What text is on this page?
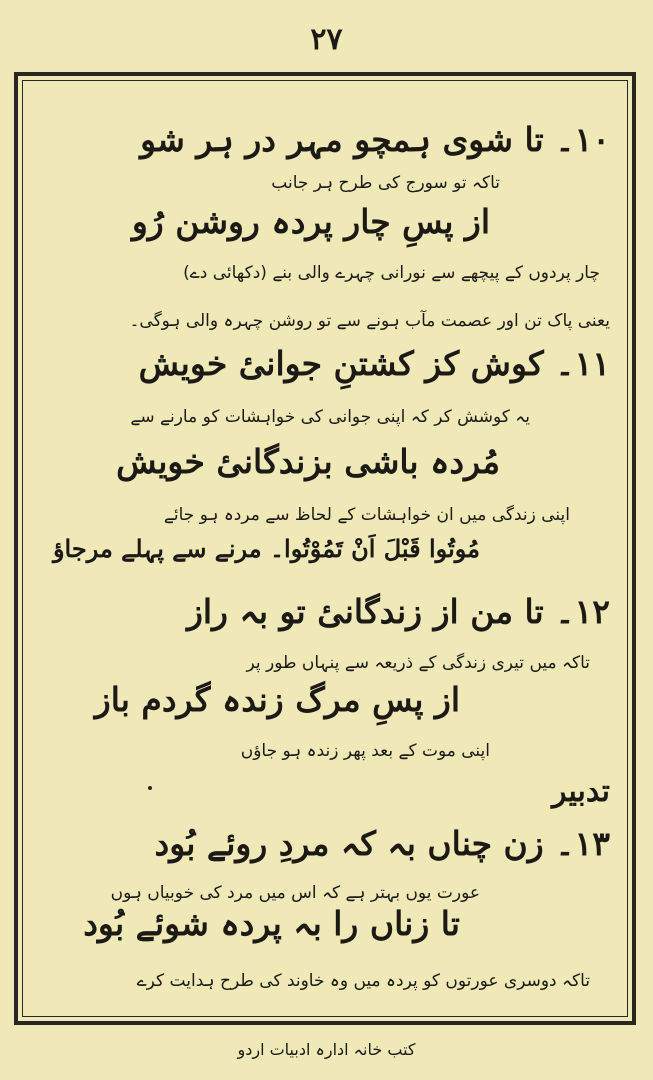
۲۷
۱۰۔ تا شوی ہمچو مہر در ہر شو
تاکہ تو سورج کی طرح ہر جانب
از پسِ چار پردہ روشن رُو
چار پردوں کے پیچھے سے نورانی چہرے والی بنے (دکھائی دے)
یعنی پاک تن اور عصمت مآب ہونے سے تو روشن چہرہ والی ہوگی۔
۱۱۔ کوش کز کشتنِ جوانیٔ خویش
یہ کوشش کر کہ اپنی جوانی کی خواہشات کو مارنے سے
مُردہ باشی بزندگانیٔ خویش
اپنی زندگی میں ان خواہشات کے لحاظ سے مردہ ہو جائے
مُوتُوا قَبْلَ اَنْ تَمُوْتُوا۔ مرنے سے پہلے مرجاؤ
۱۲۔ تا من از زندگانیٔ تو بہ راز
تاکہ میں تیری زندگی کے ذریعہ سے پنہاں طور پر
از پسِ مرگ زندہ گردم باز
اپنی موت کے بعد پھر زندہ ہو جاؤں
تدبیر
۱۳۔ زن چناں بہ کہ مردِ روئے بُود
عورت یوں بہتر ہے کہ اس میں مرد کی خوبیاں ہوں
تا زناں را بہ پردہ شوئے بُود
تاکہ دوسری عورتوں کو پردہ میں وہ خاوند کی طرح ہدایت کرے
کتب خانہ ادارہ ادبیات اردو
